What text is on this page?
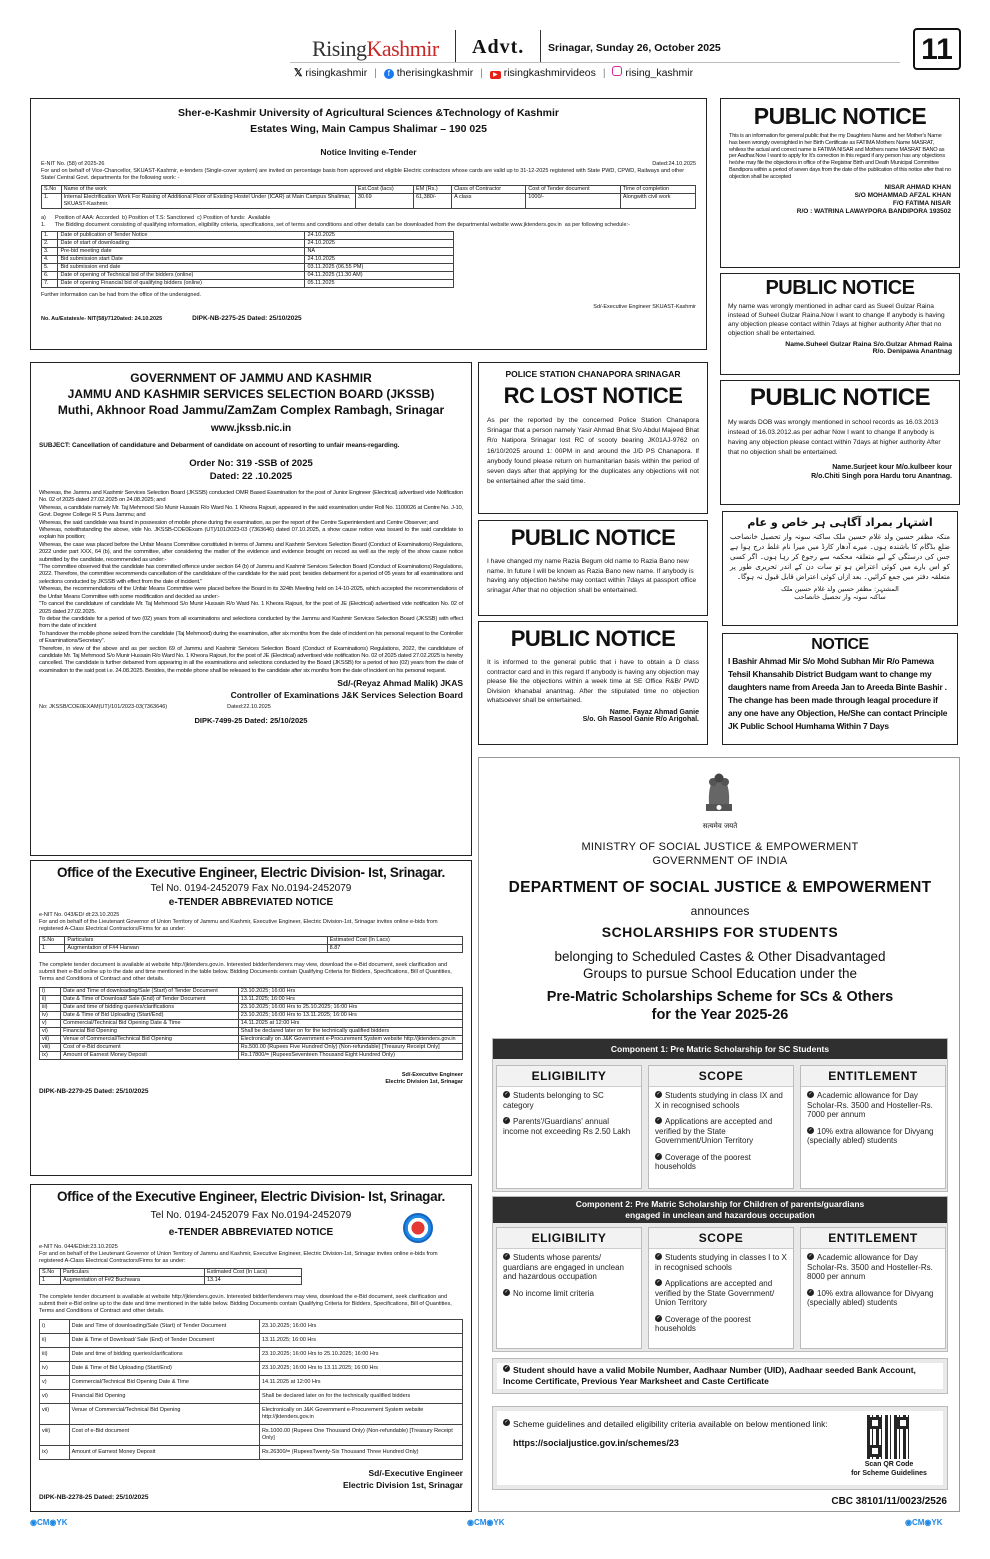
RisingKashmir Advt. Srinagar, Sunday 26, October 2025	11
𝕏 risingkashmir | f therisingkashmir | ▶ risingkashmirvideos | rising_kashmir
Sher-e-Kashmir University of Agricultural Sciences &Technology of Kashmir
Estates Wing, Main Campus Shalimar – 190 025
Notice Inviting e-Tender
E-NIT No. (58) of 2025-26	Dated:24.10.2025
For and on behalf of Vice-Chancellor, SKUAST-Kashmir, e-tenders (Single-cover system) are invited on percentage basis from approved and eligible Electric contractors whose cards are valid up to 31-12-2025 registered with State PWD, CPWD, Railways and other State/ Central Govt. departments for the following work: -
S.No	Name of the work	Est.Cost (lacs)	EM (Rs.)	Class of Contractor	Cost of Tender document	Time of completion
1.	Internal Electrification Work For Raising of Additional Floor of Existing Hostel Under (ICAR) at Main Campus Shalimar, SKUAST-Kashmir.	30.69	61,380/-	A class	1000/-	Alongwith civil work
a)      Position of AAA: Accorded  b) Position of T.S: Sanctioned  c) Position of funds:  Available
1.      The Bidding document consisting of qualifying information, eligibility criteria, specifications, set of terms and conditions and other details can be downloaded from the departmental website www.jktenders.gov.in  as per following schedule:-
1.	Date of publication of Tender Notice	24.10.2025
2.	Date of start of downloading	24.10.2025
3.	Pre-bid meeting date	NA
4.	Bid submission start Date	24.10.2025
5.	Bid submission end date	03.11.2025 (06.55 PM)
6.	Date of opening of Technical bid of the bidders (online)	04.11.2025 (11.30 AM)
7.	Date of opening Financial bid of qualifying bidders (online)	05.11.2025
Further information can be had from the office of the undersigned.
Sd/-Executive Engineer SKUAST-Kashmir
No. Au/Estates/e- NIT(58)/7120ated: 24.10.2025	DIPK-NB-2275-25 Dated: 25/10/2025
PUBLIC NOTICE
This is an information for general public that the my Daughters Name and her Mother's Name has been wrongly oversighted in her Birth Certificate as FATIMA Mothers Name MASRAT, whiless the actual and correct name is FATIMA NISAR and Mothers name MASRAT BANO as per Aadhar.Now I want to apply for It's correction in this regard if any person has any objections he/she may file the objections in office of the Registrar Birth and Death Municipal Committee Bandipora within a period of seven days from the date of the publication of this notice after that no objection shall be accepted
NISAR AHMAD KHAN
S/O MOHAMMAD AFZAL KHAN
F/O FATIMA NISAR
R/O : WATRINA LAWAYPORA BANDIPORA 193502
PUBLIC NOTICE
My name was wrongly mentioned in adhar card as Sueel Gulzar Raina instead of Suheel Gulzar Raina.Now I want to change If anybody is having any objection please contact within 7days at higher authority After that no objection shall be entertained.
Name.Suheel Gulzar Raina S/o.Gulzar Ahmad Raina
R/o. Denipawa Anantnag
PUBLIC NOTICE
My wards DOB was wrongly mentioned in school records as 16.03.2013 instead of 16.03.2012.as per adhar Now I want to change If anybody is having any objection please contact within 7days at higher authority After that no objection shall be entertained.
Name.Surjeet kour M/o.kulbeer kour
R/o.Chiti Singh pora Hardu toru Anantnag.
اشتہار بمراد آگاہی ہر خاص و عام
منکہ مظفر حسین ولد غلام حسین ملک ساکنہ سونہ وار تحصیل خانصاحب ضلع بڈگام کا باشندہ ہوں۔ میرے آدھار کارڈ میں میرا نام غلط درج ہوا ہے جس کی درستگی کے لیے متعلقہ محکمہ سے رجوع کر رہا ہوں۔ اگر کسی کو اس بارے میں کوئی اعتراض ہو تو سات دن کے اندر تحریری طور پر متعلقہ دفتر میں جمع کرائیں۔ بعد ازاں کوئی اعتراض قابل قبول نہ ہوگا۔
المشتہر: مظفر حسین ولد غلام حسین ملک
ساکنہ سونہ وار تحصیل خانصاحب
NOTICE
I Bashir Ahmad Mir S/o Mohd Subhan Mir R/o Pamewa Tehsil Khansahib District Budgam want to change my daughters name from Areeda Jan to Areeda Binte Bashir . The change has been made through leagal procedure if any one have any Objection, He/She can contact Principle JK Public School Humhama Within 7 Days
GOVERNMENT OF JAMMU AND KASHMIR
JAMMU AND KASHMIR SERVICES SELECTION BOARD (JKSSB)
Muthi, Akhnoor Road Jammu/ZamZam Complex Rambagh, Srinagar
www.jkssb.nic.in
SUBJECT: Cancellation of candidature and Debarment of candidate on account of resorting to unfair means-regarding.
Order No: 319 -SSB of 2025
Dated: 22 .10.2025

Whereas, the Jammu and Kashmir Services Selection Board (JKSSB) conducted OMR Based Examination for the post of Junior Engineer (Electrical) advertised vide Notification No. 02 of 2025 dated 27.02.2025 on 24.08.2025; and

Whereas, a candidate namely Mr. Taj Mehmood S/o Munir Hussain R/o Ward No. 1 Kheora Rajouri, appeared in the said examination under Roll No. 1100026 at Centre No. J-10, Govt. Degree College R S Pura Jammu; and

Whereas, the said candidate was found in possession of mobile phone during the examination, as per the report of the Centre Superintendent and Centre Observer; and

Whereas, notwithstanding the above, vide No. JKSSB-COE0Exam (UT)/101/2023-03 (7363646) dated 07.10.2025, a show cause notice was issued to the said candidate to explain his position;

Whereas, the case was placed before the Unfair Means Committee constituted in terms of Jammu and Kashmir Services Selection Board (Conduct of Examinations) Regulations, 2022 under part XXX, 64 (b), and the committee, after considering the matter of the evidence and evidence brought on record as well as the reply of the show cause notice submitted by the candidate, recommended as under:-

"The committee observed that the candidate has committed offence under section 64 (b) of Jammu and Kashmir Services Selection Board (Conduct of Examinations) Regulations, 2022. Therefore, the committee recommends cancellation of the candidature of the candidate for the said post; besides debarment for a period of 05 years for all examinations and selections conducted by JKSSB with effect from the date of incident."

Whereas, the recommendations of the Unfair Means Committee were placed before the Board in its 324th Meeting held on 14-10-2025, which accepted the recommendations of the Unfair Means Committee with some modification and decided as under:-

"To cancel the candidature of candidate Mr. Taj Mehmood S/o Munir Hussain R/o Ward No. 1 Kheora Rajouri, for the post of JE (Electrical) advertised vide notification No. 02 of 2025 dated 27.02.2025.

To debar the candidate for a period of two (02) years from all examinations and selections conducted by the Jammu and Kashmir Services Selection Board (JKSSB) with effect from the date of incident

To handover the mobile phone seized from the candidate (Taj Mehmood) during the examination, after six months from the date of incident on his personal request to the Controller of Examinations/Secretary".

Therefore, in view of the above and as per section 69 of Jammu and Kashmir Services Selection Board (Conduct of Examinations) Regulations, 2022, the candidature of candidate Mr. Taj Mehmood S/o Munir Hussain R/o Ward No. 1 Kheora Rajouri, for the post of JE (Electrical) advertised vide notification No. 02 of 2025 dated 27.02.2025 is hereby cancelled. The candidate is further debarred from appearing in all the examinations and selections conducted by the Board (JKSSB) for a period of two (02) years from the date of examination to the said post i.e. 24.08.2025. Besides, the mobile phone shall be released to the candidate after six months from the date of incident on his personal request.

Sd/-(Reyaz Ahmad Malik) JKAS
Controller of Examinations J&K Services Selection Board
No: JKSSB/COE0EXAM(UT)/101/2023-03(7363646)	Dated:22.10.2025
DIPK-7499-25 Dated: 25/10/2025
POLICE STATION CHANAPORA SRINAGAR
RC LOST NOTICE
As per the reported by the concerned Police Station Chanapora Srinagar that a person namely Yasir Ahmad Bhat S/o Abdul Majeed Bhat R/o Natipora Srinagar lost RC of scooty bearing JK01AJ-9762 on 16/10/2025 around 1: 00PM in and around the J/D PS Chanapora. If anybody found please return on humanitarian basis within the period of seven days after that applying for the duplicates any objections will not be entertained after the said time.
PUBLIC NOTICE
I have changed my name Razia Begum old name to Razia Bano new name. In future I will be known as Razia Bano new name. If anybody is having any objection he/she may contact within 7days at passport office srinagar After that no objection shall be entertained.
PUBLIC NOTICE
It is informed to the general public that i have to obtain a D class contractor card and in this regard If anybody is having any objection may please file the objections within a week time at SE Office R&B/ PWD Division khanabal anantnag. After the stipulated time no objection whatsoever shall be entertained.
Name. Fayaz Ahmad Ganie
S/o. Gh Rasool Ganie R/o Arigohal.
Office of the Executive Engineer, Electric Division- Ist, Srinagar.
Tel No. 0194-2452079 Fax No.0194-2452079
e-TENDER ABBREVIATED NOTICE
e-NIT No. 043/ED/ dt:23.10.2025
For and on behalf of the Lieutenant Governor of Union Territory of Jammu and Kashmir, Executive Engineer, Electric Division-1st, Srinagar invites online e-bids from registered A-Class Electrical Contractors/Firms for as under:
S.No	Particulars	Estimated Cost (In Lacs)
1	Augmentation of F#4 Harwan	8.87
The complete tender document is available at website http://jktenders.gov.in. Interested bidder/tenderers may view, download the e-Bid document, seek clarification and submit their e-Bid online up to the date and time mentioned in the table below. Bidding Documents contain Qualifying Criteria for Bidders, Specifications, Bill of Quantities, Terms and Conditions of Contract and other details.
i)	Date and Time of downloading/Sale (Start) of Tender Document	23.10.2025; 16:00 Hrs
ii)	Date & Time of Download/ Sale (End) of Tender Document	13.11.2025; 16:00 Hrs
iii)	Date and time of bidding queries/clarifications	23.10.2025; 16:00 Hrs to 25.10.2025; 16:00 Hrs
iv)	Date & Time of Bid Uploading (Start/End)	23.10.2025; 16:00 Hrs to 13.11.2025; 16:00 Hrs
v)	Commercial/Technical Bid Opening Date & Time	14.11.2025 at 12:00 Hrs
vi)	Financial Bid Opening	Shall be declared later on for the technically qualified bidders
vii)	Venue of Commercial/Technical Bid Opening	Electronically on J&K Government e-Procurement System website http://jktenders.gov.in
viii)	Cost of e-Bid document	Rs.500.00 (Rupees Five Hundred Only) (Non-refundable) [Treasury Receipt Only]
ix)	Amount of Earnest Money Deposit	Rs.17800/= (RupeesSeventeen Thousand Eight Hundred Only)
Sd/-Executive Engineer
Electric Division 1st, Srinagar
DIPK-NB-2279-25 Dated: 25/10/2025
Office of the Executive Engineer, Electric Division- Ist, Srinagar.
Tel No. 0194-2452079 Fax No.0194-2452079
e-TENDER ABBREVIATED NOTICE
e-NIT No. 044/ED/dt:23.10.2025
For and on behalf of the Lieutenant Governor of Union Territory of Jammu and Kashmir, Executive Engineer, Electric Division-1st, Srinagar invites online e-bids from registered A-Class Electrical Contractors/Firms for as under:
S.No	Particulars	Estimated Cost (In Lacs)
1	Augmentation of F#2 Buchwara	13.14
The complete tender document is available at website http://jktenders.gov.in. Interested bidder/tenderers may view, download the e-Bid document, seek clarification and submit their e-Bid online up to the date and time mentioned in the table below. Bidding Documents contain Qualifying Criteria for Bidders, Specifications, Bill of Quantities, Terms and Conditions of Contract and other details.
i)	Date and Time of downloading/Sale (Start) of Tender Document	23.10.2025; 16:00 Hrs
ii)	Date & Time of Download/ Sale (End) of Tender Document	13.11.2025; 16:00 Hrs
iii)	Date and time of bidding queries/clarifications	23.10.2025; 16:00 Hrs to 25.10.2025; 16:00 Hrs
iv)	Date & Time of Bid Uploading (Start/End)	23.10.2025; 16:00 Hrs to 13.11.2025; 16:00 Hrs
v)	Commercial/Technical Bid Opening Date & Time	14.11.2025 at 12:00 Hrs
vi)	Financial Bid Opening	Shall be declared later on for the technically qualified bidders
vii)	Venue of Commercial/Technical Bid Opening	Electronically on J&K Government e-Procurement System website http://jktenders.gov.in
viii)	Cost of e-Bid document	Rs.1000.00 (Rupees One Thousand Only) (Non-refundable) [Treasury Receipt Only]
ix)	Amount of Earnest Money Deposit	Rs.26300/= (RupeesTwenty-Six Thousand Three Hundred Only)
Sd/-Executive Engineer
Electric Division 1st, Srinagar
DIPK-NB-2278-25 Dated: 25/10/2025
सत्यमेव जयते
MINISTRY OF SOCIAL JUSTICE & EMPOWERMENT
GOVERNMENT OF INDIA
DEPARTMENT OF SOCIAL JUSTICE & EMPOWERMENT
announces
SCHOLARSHIPS FOR STUDENTS
belonging to Scheduled Castes & Other Disadvantaged
Groups to pursue School Education under the
Pre-Matric Scholarships Scheme for SCs & Others
for the Year 2025-26
Component 1: Pre Matric Scholarship for SC Students
ELIGIBILITY
✓ Students belonging to SC category
✓ Parents'/Guardians' annual income not exceeding Rs 2.50 Lakh
SCOPE
✓ Students studying in class IX and X in recognised schools
✓ Applications are accepted and verified by the State Government/Union Territory
✓ Coverage of the poorest households
ENTITLEMENT
✓ Academic allowance for Day Scholar-Rs. 3500 and Hosteller-Rs. 7000 per annum
✓ 10% extra allowance for Divyang (specially abled) students
Component 2: Pre Matric Scholarship for Children of parents/guardians
engaged in unclean and hazardous occupation
ELIGIBILITY
✓ Students whose parents/ guardians are engaged in unclean and hazardous occupation
✓ No income limit criteria
SCOPE
✓ Students studying in classes I to X in recognised schools
✓ Applications are accepted and verified by the State Government/ Union Territory
✓ Coverage of the poorest households
ENTITLEMENT
✓ Academic allowance for Day Scholar-Rs. 3500 and Hosteller-Rs. 8000 per annum
✓ 10% extra allowance for Divyang (specially abled) students
✓ Student should have a valid Mobile Number, Aadhaar Number (UID), Aadhaar seeded Bank Account, Income Certificate, Previous Year Marksheet and Caste Certificate
✓ Scheme guidelines and detailed eligibility criteria available on below mentioned link:
https://socialjustice.gov.in/schemes/23
Scan QR Code
for Scheme Guidelines
CBC 38101/11/0023/2526
◉CM◉YK	◉CM◉YK	◉CM◉YK
